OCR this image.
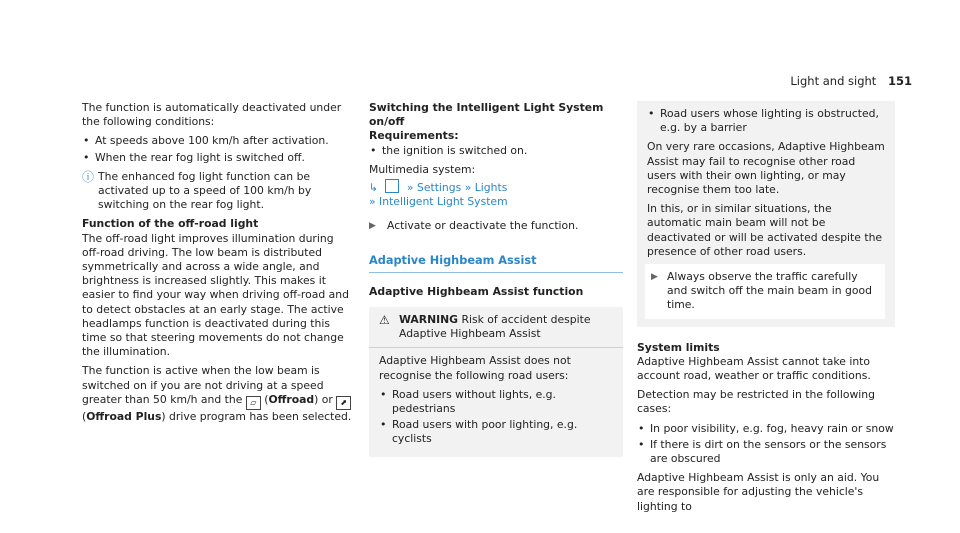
Light and sight 151

The function is automatically deactivated under the following conditions:

• At speeds above 100 km/h after activation.
• When the rear fog light is switched off.
ⓘ The enhanced fog light function can be activated up to a speed of 100 km/h by switching on the rear fog light.
Function of the off-road light

The off-road light improves illumination during off-road driving. The low beam is distributed symmetrically and across a wide angle, and brightness is increased slightly. This makes it easier to find your way when driving off-road and to detect obstacles at an early stage. The active headlamps function is deactivated during this time so that steering movements do not change the illumination.

The function is active when the low beam is switched on if you are not driving at a speed greater than 50 km/h and the ▱ (Offroad) or ⬈ (Offroad Plus) drive program has been selected.

Switching the Intelligent Light System on/off
Requirements:
• the ignition is switched on.

Multimedia system:

↳	» Settings » Lights
» Intelligent Light System
▶ Activate or deactivate the function.
Adaptive Highbeam Assist
Adaptive Highbeam Assist function
⚠ WARNING Risk of accident despite Adaptive Highbeam Assist

Adaptive Highbeam Assist does not recognise the following road users:

• Road users without lights, e.g. pedestrians
• Road users with poor lighting, e.g. cyclists
• Road users whose lighting is obstructed, e.g. by a barrier

On very rare occasions, Adaptive Highbeam Assist may fail to recognise other road users with their own lighting, or may recognise them too late.

In this, or in similar situations, the automatic main beam will not be deactivated or will be activated despite the presence of other road users.

▶ Always observe the traffic carefully and switch off the main beam in good time.
System limits

Adaptive Highbeam Assist cannot take into account road, weather or traffic conditions.

Detection may be restricted in the following cases:

• In poor visibility, e.g. fog, heavy rain or snow
• If there is dirt on the sensors or the sensors are obscured

Adaptive Highbeam Assist is only an aid. You are responsible for adjusting the vehicle's lighting to
